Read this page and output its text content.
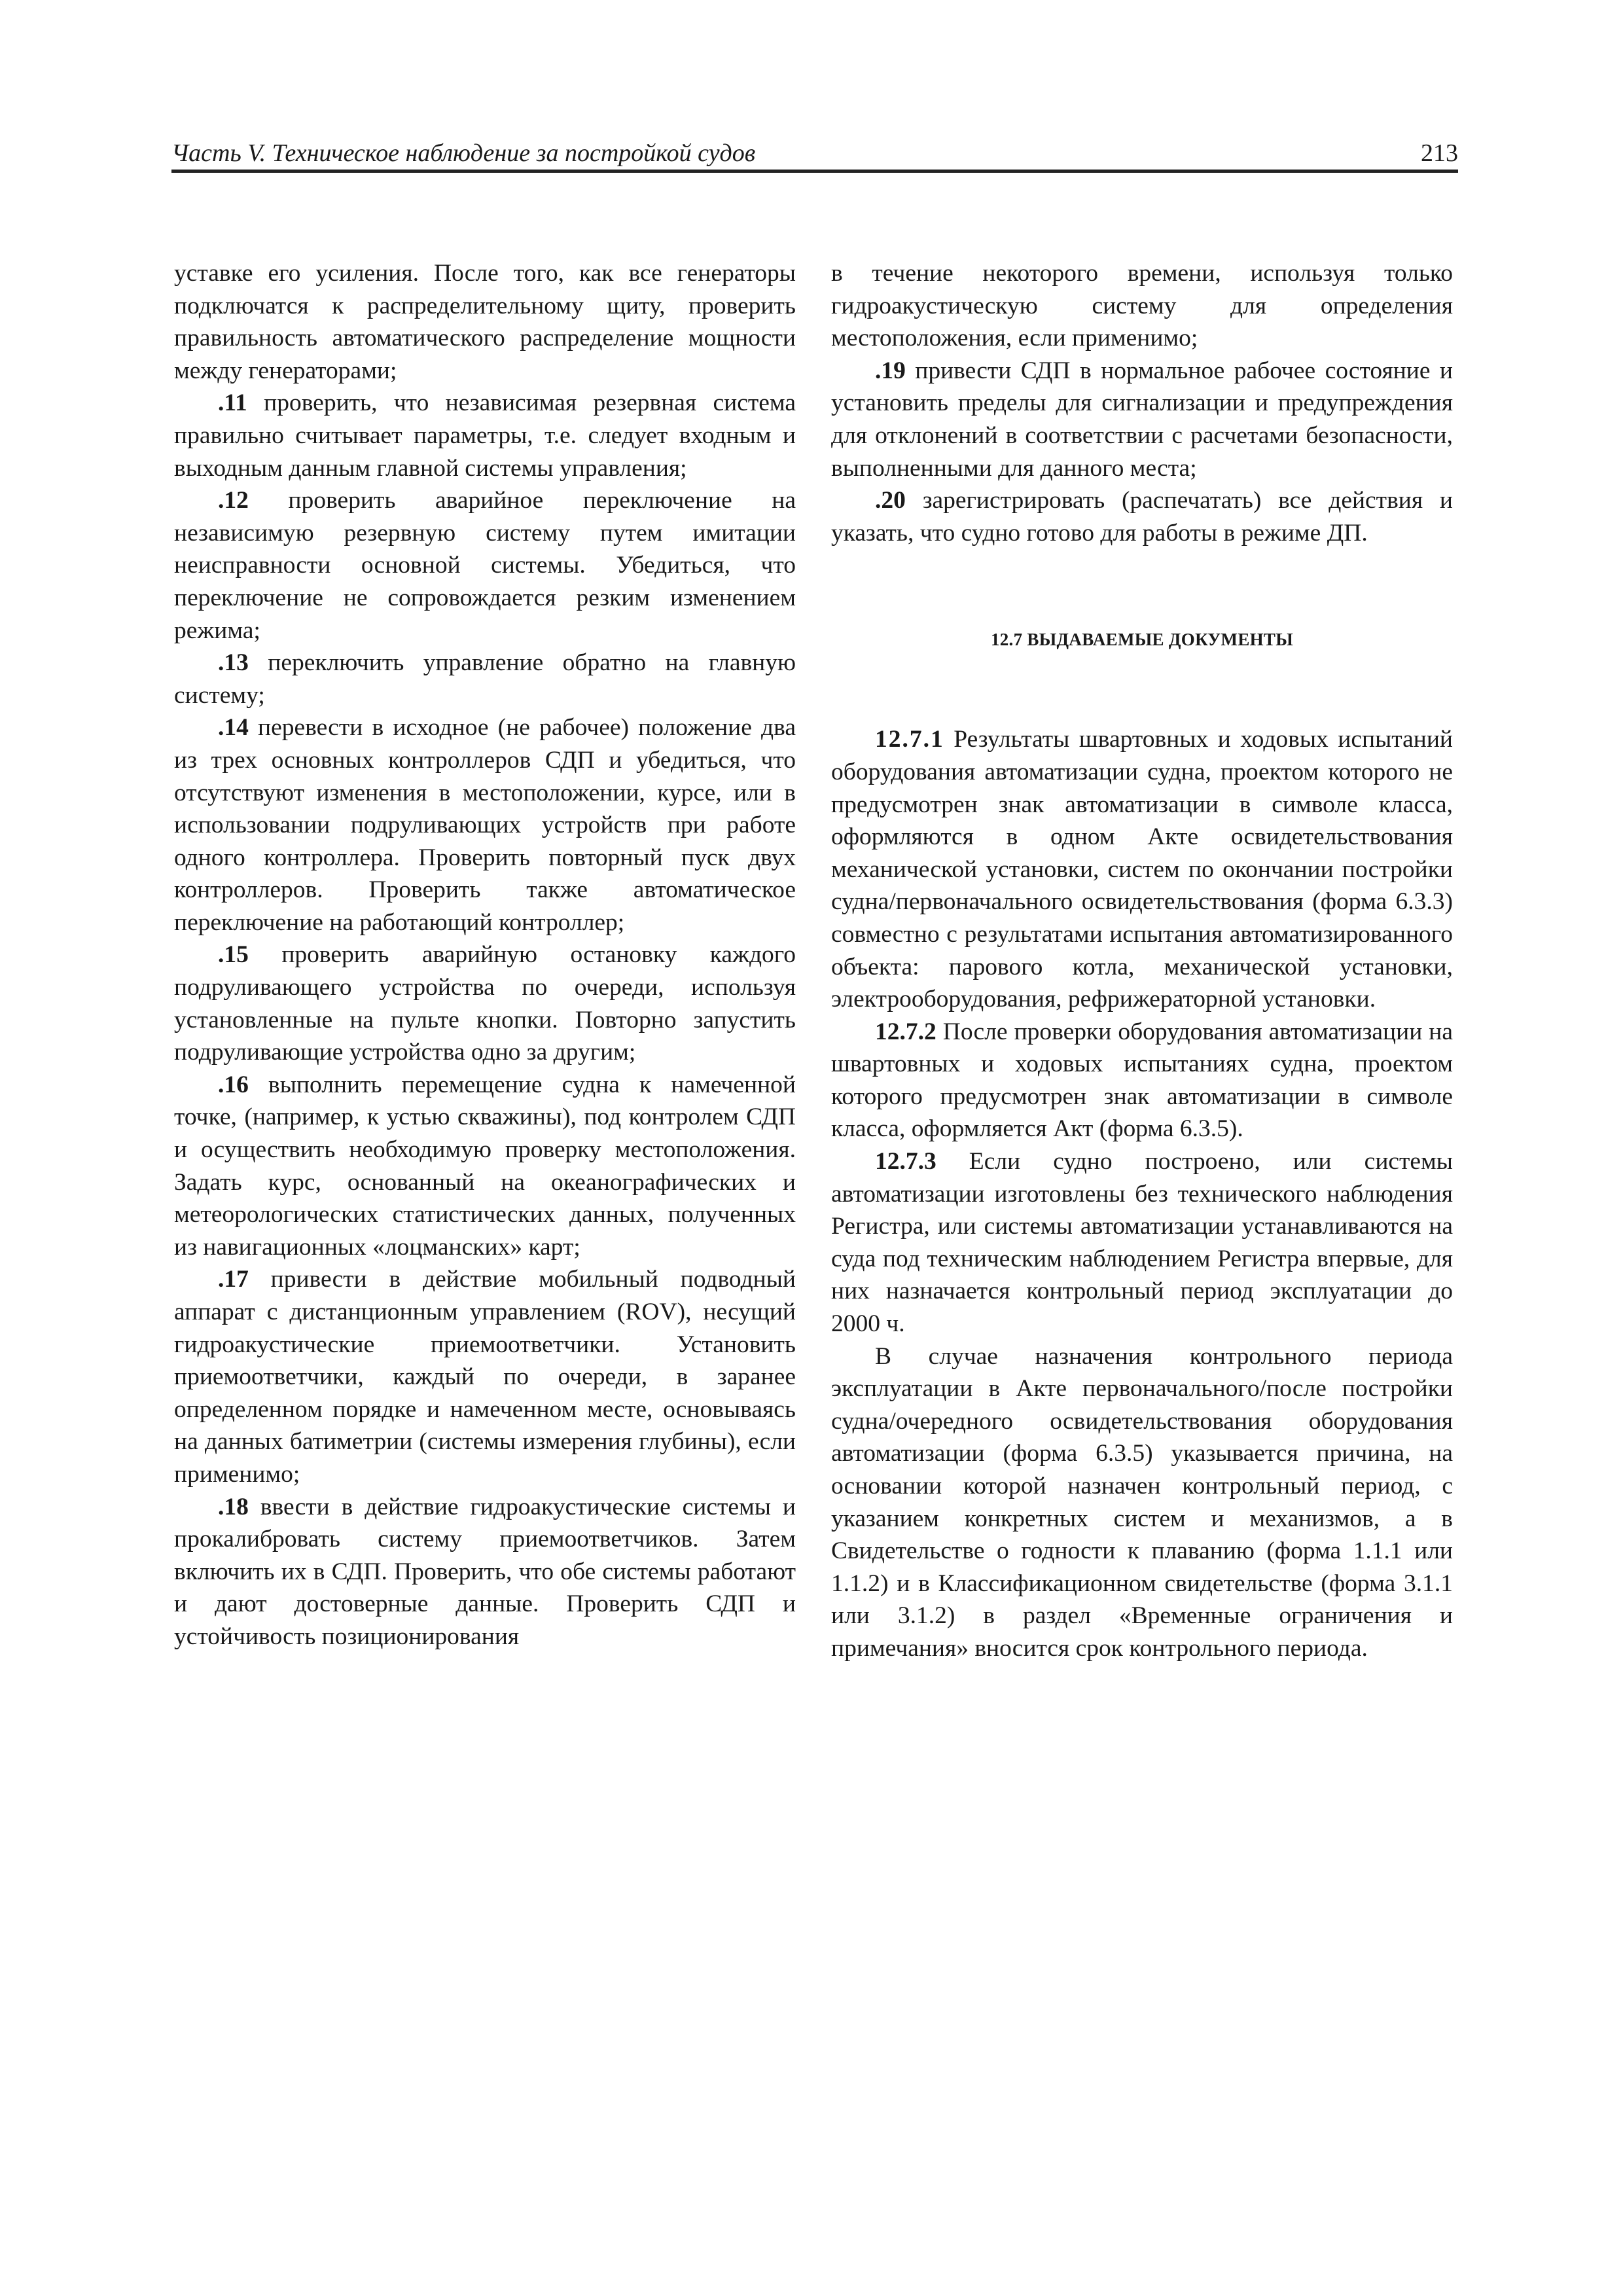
Часть V. Техническое наблюдение за постройкой судов	213

уставке его усиления. После того, как все генераторы подключатся к распределительному щиту, проверить правильность автоматического распределение мощности между генераторами;

.11 проверить, что независимая резервная система правильно считывает параметры, т.е. следует входным и выходным данным главной системы управления;

.12 проверить аварийное переключение на независимую резервную систему путем имитации неисправности основной системы. Убедиться, что переключение не сопровождается резким изменением режима;

.13 переключить управление обратно на главную систему;

.14 перевести в исходное (не рабочее) положение два из трех основных контроллеров СДП и убедиться, что отсутствуют изменения в местоположении, курсе, или в использовании подруливающих устройств при работе одного контроллера. Проверить повторный пуск двух контроллеров. Проверить также автоматическое переключение на работающий контроллер;

.15 проверить аварийную остановку каждого подруливающего устройства по очереди, используя установленные на пульте кнопки. Повторно запустить подруливающие устройства одно за другим;

.16 выполнить перемещение судна к намеченной точке, (например, к устью скважины), под контролем СДП и осуществить необходимую проверку местоположения. Задать курс, основанный на океанографических и метеорологических статистических данных, полученных из навигационных «лоцманских» карт;

.17 привести в действие мобильный подводный аппарат с дистанционным управлением (ROV), несущий гидроакустические приемоответчики. Установить приемоответчики, каждый по очереди, в заранее определенном порядке и намеченном месте, основываясь на данных батиметрии (системы измерения глубины), если применимо;

.18 ввести в действие гидроакустические системы и прокалибровать систему приемоответчиков. Затем включить их в СДП. Проверить, что обе системы работают и дают достоверные данные. Проверить СДП и устойчивость позиционирования

в течение некоторого времени, используя только гидроакустическую систему для определения местоположения, если применимо;

.19 привести СДП в нормальное рабочее состояние и установить пределы для сигнализации и предупреждения для отклонений в соответствии с расчетами безопасности, выполненными для данного места;

.20 зарегистрировать (распечатать) все действия и указать, что судно готово для работы в режиме ДП.

12.7 ВЫДАВАЕМЫЕ ДОКУМЕНТЫ

12.7.1 Результаты швартовных и ходовых испытаний оборудования автоматизации судна, проектом которого не предусмотрен знак автоматизации в символе класса, оформляются в одном Акте освидетельствования механической установки, систем по окончании постройки судна/первоначального освидетельствования (форма 6.3.3) совместно с результатами испытания автоматизированного объекта: парового котла, механической установки, электрооборудования, рефрижераторной установки.

12.7.2 После проверки оборудования автоматизации на швартовных и ходовых испытаниях судна, проектом которого предусмотрен знак автоматизации в символе класса, оформляется Акт (форма 6.3.5).

12.7.3 Если судно построено, или системы автоматизации изготовлены без технического наблюдения Регистра, или системы автоматизации устанавливаются на суда под техническим наблюдением Регистра впервые, для них назначается контрольный период эксплуатации до 2000 ч.

В случае назначения контрольного периода эксплуатации в Акте первоначального/после постройки судна/очередного освидетельствования оборудования автоматизации (форма 6.3.5) указывается причина, на основании которой назначен контрольный период, с указанием конкретных систем и механизмов, а в Свидетельстве о годности к плаванию (форма 1.1.1 или 1.1.2) и в Классификационном свидетельстве (форма 3.1.1 или 3.1.2) в раздел «Временные ограничения и примечания» вносится срок контрольного периода.
